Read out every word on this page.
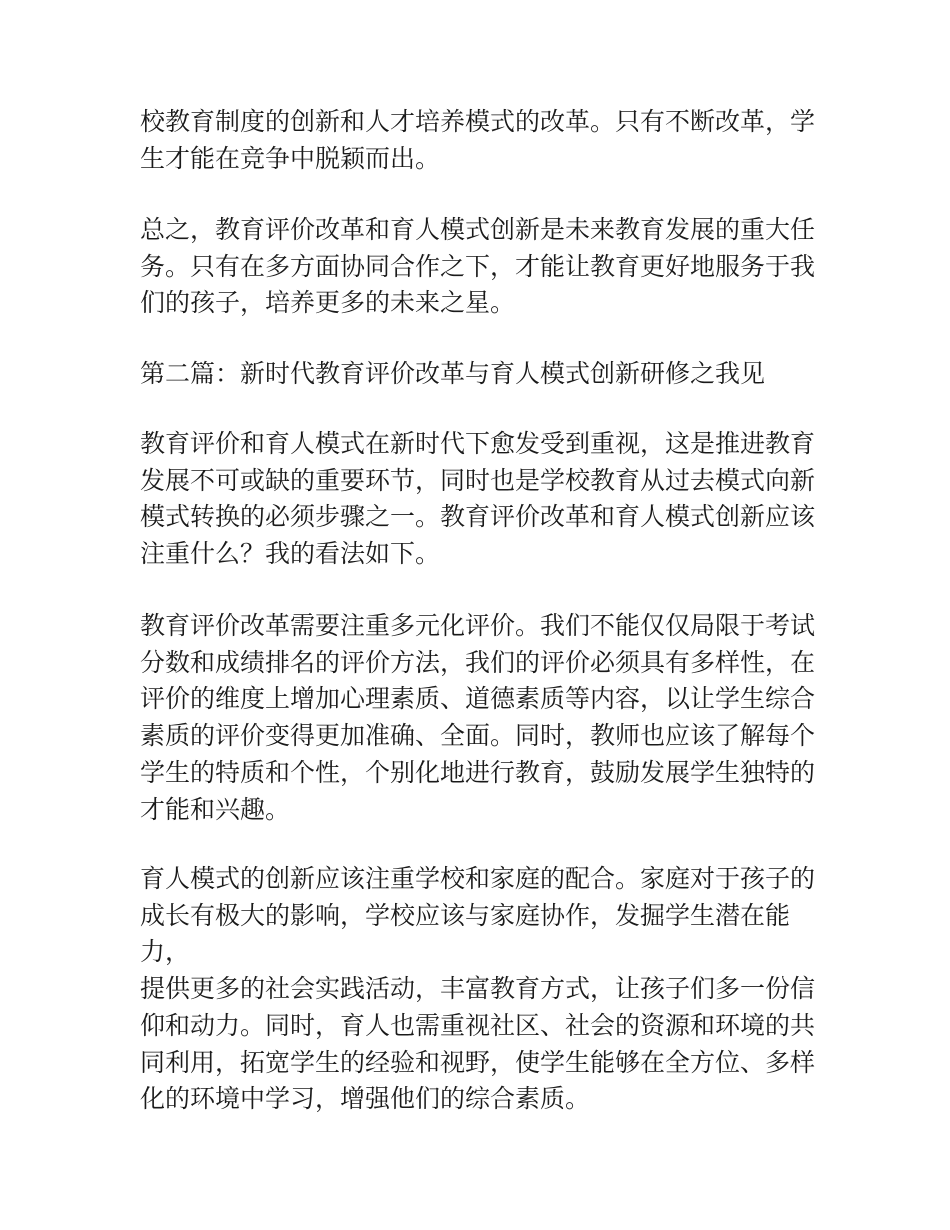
校教育制度的创新和人才培养模式的改革。只有不断改革，学
生才能在竞争中脱颖而出。

总之，教育评价改革和育人模式创新是未来教育发展的重大任
务。只有在多方面协同合作之下，才能让教育更好地服务于我
们的孩子，培养更多的未来之星。

第二篇：新时代教育评价改革与育人模式创新研修之我见

教育评价和育人模式在新时代下愈发受到重视，这是推进教育
发展不可或缺的重要环节，同时也是学校教育从过去模式向新
模式转换的必须步骤之一。教育评价改革和育人模式创新应该
注重什么？我的看法如下。

教育评价改革需要注重多元化评价。我们不能仅仅局限于考试
分数和成绩排名的评价方法，我们的评价必须具有多样性，在
评价的维度上增加心理素质、道德素质等内容，以让学生综合
素质的评价变得更加准确、全面。同时，教师也应该了解每个
学生的特质和个性，个别化地进行教育，鼓励发展学生独特的
才能和兴趣。

育人模式的创新应该注重学校和家庭的配合。家庭对于孩子的
成长有极大的影响，学校应该与家庭协作，发掘学生潜在能力，
提供更多的社会实践活动，丰富教育方式，让孩子们多一份信
仰和动力。同时，育人也需重视社区、社会的资源和环境的共
同利用，拓宽学生的经验和视野，使学生能够在全方位、多样
化的环境中学习，增强他们的综合素质。
